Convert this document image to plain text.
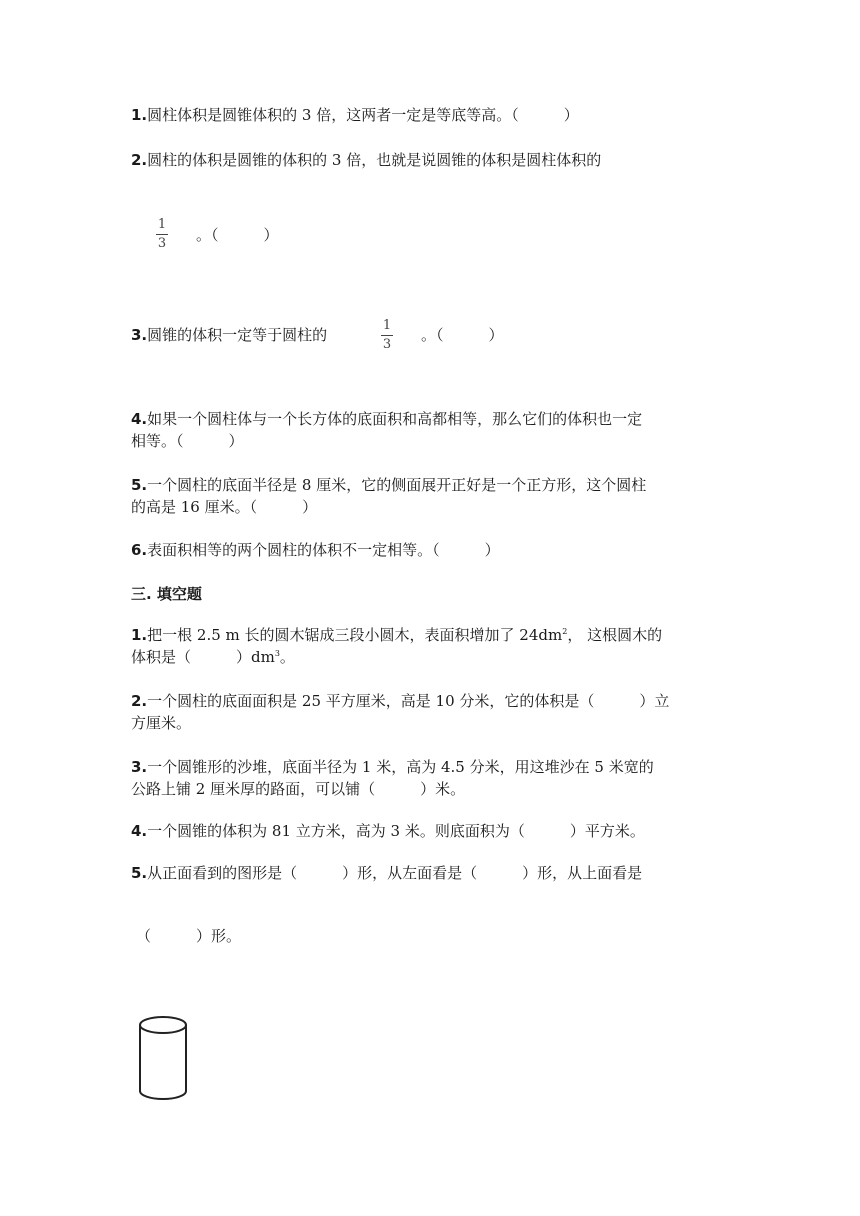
1.圆柱体积是圆锥体积的 3 倍，这两者一定是等底等高。（　　　）
2.圆柱的体积是圆锥的体积的 3 倍，也就是说圆锥的体积是圆柱体积的
1
3 。（　　　）
3.圆锥的体积一定等于圆柱的
1
3
。（　　　）
4.如果一个圆柱体与一个长方体的底面积和高都相等，那么它们的体积也一定
相等。（　　　）
5.一个圆柱的底面半径是 8 厘米，它的侧面展开正好是一个正方形，这个圆柱
的高是 16 厘米。（　　　）
6.表面积相等的两个圆柱的体积不一定相等。（　　　）
三. 填空题
1.把一根 2.5 m 长的圆木锯成三段小圆木，表面积增加了 $24dm^2$， 这根圆木的
体积是（　　　）$dm^3$。
2.一个圆柱的底面面积是 25 平方厘米，高是 10 分米，它的体积是（　　　）立
方厘米。
3.一个圆锥形的沙堆，底面半径为 1 米，高为 4.5 分米，用这堆沙在 5 米宽的
公路上铺 2 厘米厚的路面，可以铺（　　　）米。
4.一个圆锥的体积为 81 立方米，高为 3 米。则底面积为（　　　）平方米。
5.从正面看到的图形是（　　　）形，从左面看是（　　　）形，从上面看是
（　　　）形。
